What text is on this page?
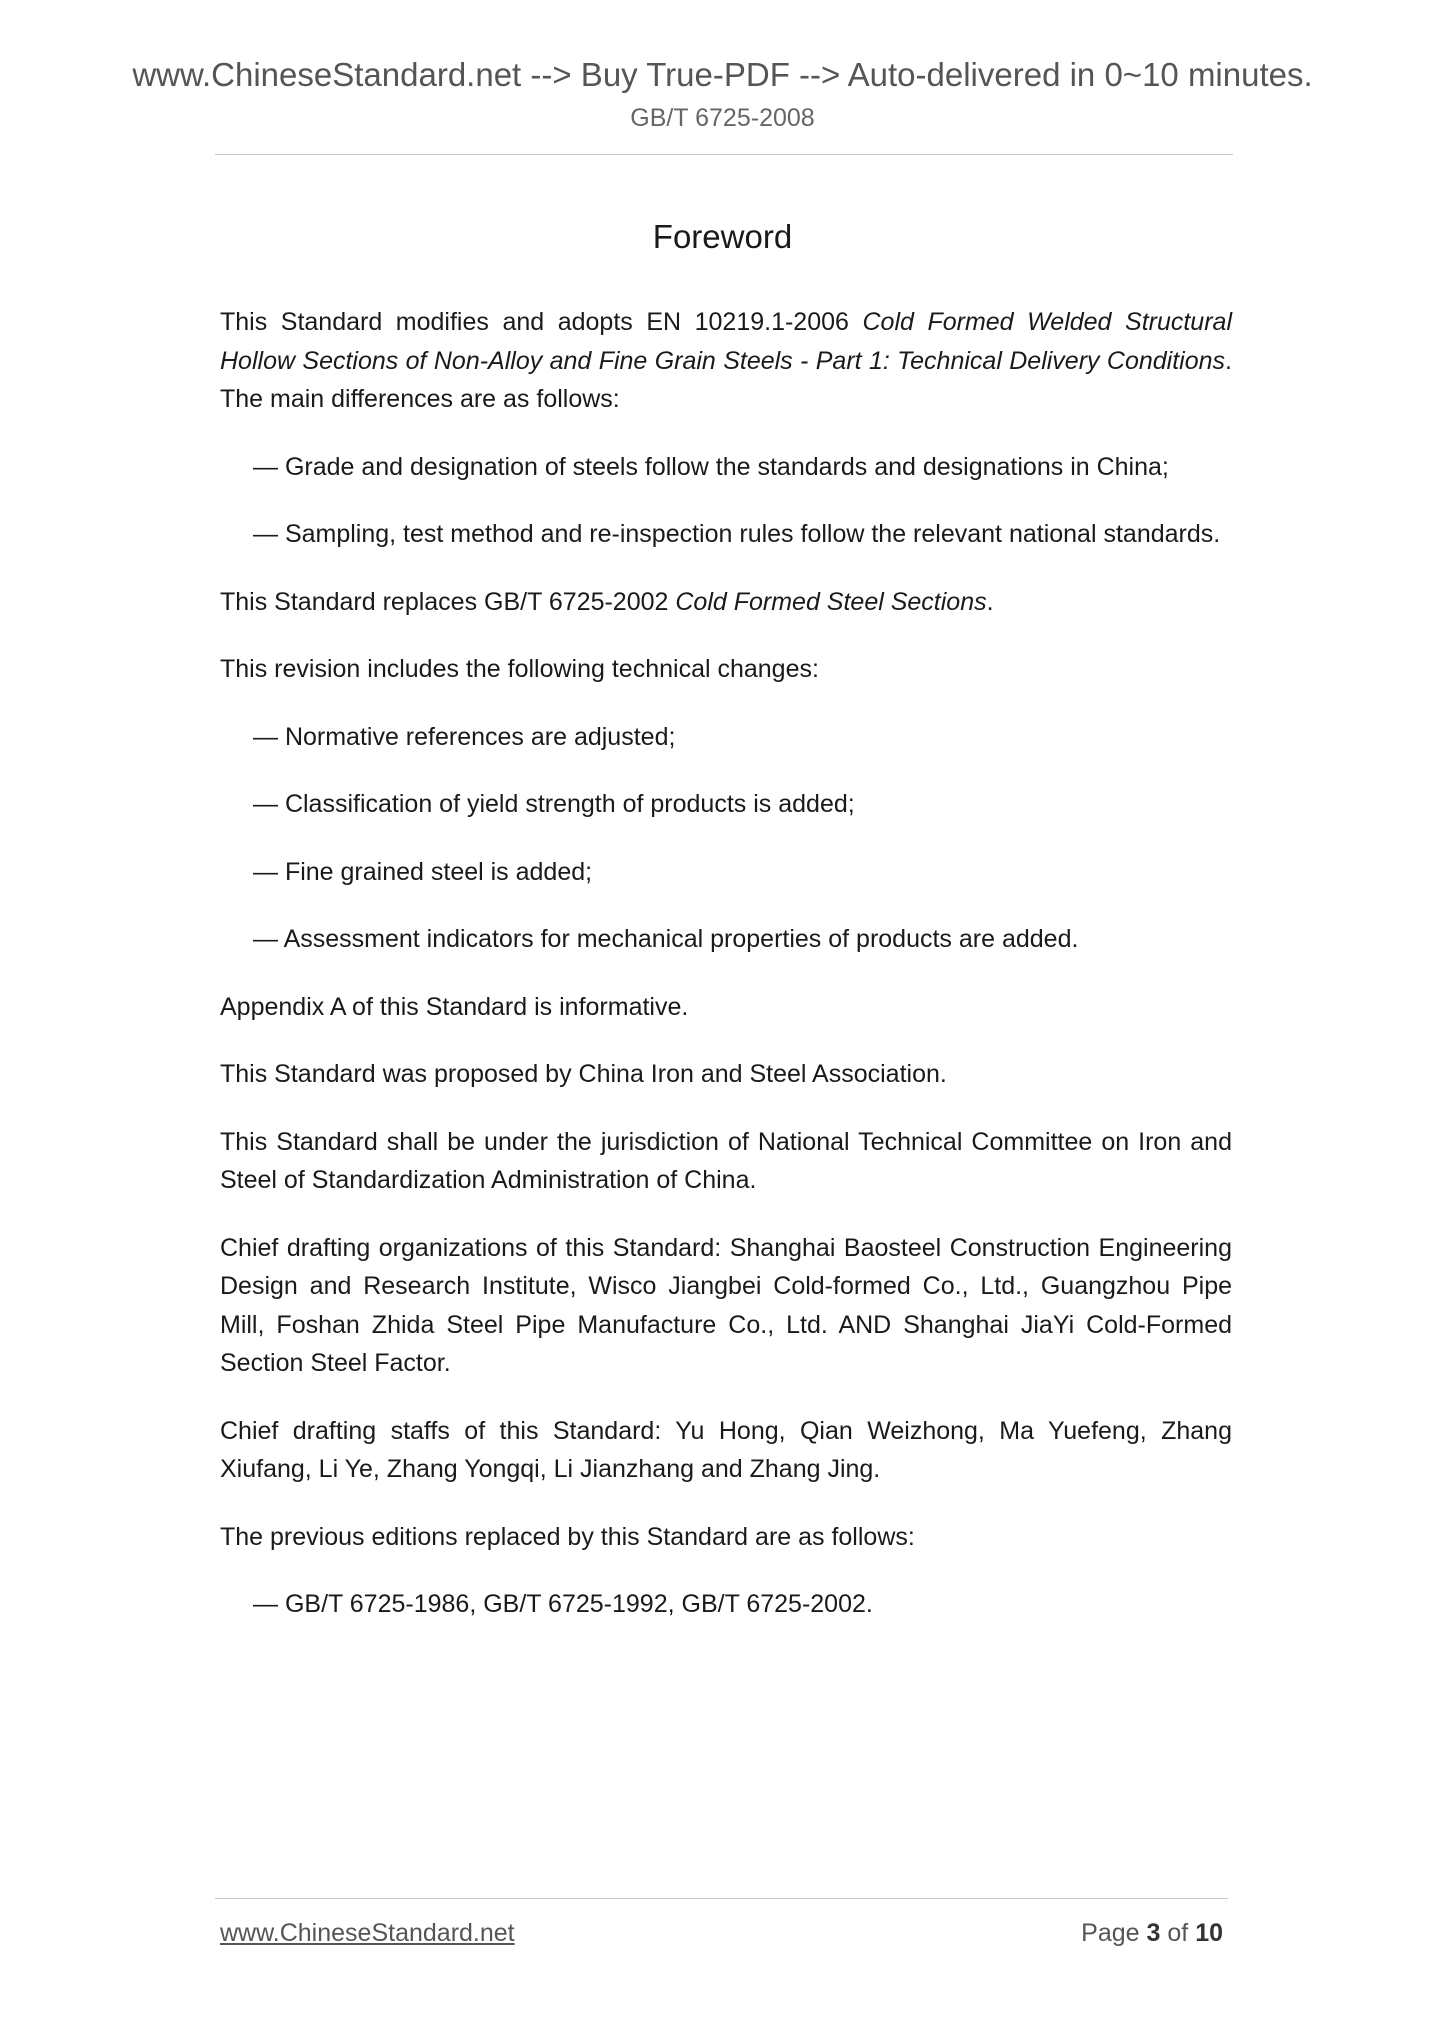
www.ChineseStandard.net --> Buy True-PDF --> Auto-delivered in 0~10 minutes.
GB/T 6725-2008
Foreword

This Standard modifies and adopts EN 10219.1-2006 Cold Formed Welded Structural Hollow Sections of Non-Alloy and Fine Grain Steels - Part 1: Technical Delivery Conditions. The main differences are as follows:

— Grade and designation of steels follow the standards and designations in China;

— Sampling, test method and re-inspection rules follow the relevant national standards.

This Standard replaces GB/T 6725-2002 Cold Formed Steel Sections.

This revision includes the following technical changes:

— Normative references are adjusted;

— Classification of yield strength of products is added;

— Fine grained steel is added;

— Assessment indicators for mechanical properties of products are added.

Appendix A of this Standard is informative.

This Standard was proposed by China Iron and Steel Association.

This Standard shall be under the jurisdiction of National Technical Committee on Iron and Steel of Standardization Administration of China.

Chief drafting organizations of this Standard: Shanghai Baosteel Construction Engineering Design and Research Institute, Wisco Jiangbei Cold-formed Co., Ltd., Guangzhou Pipe Mill, Foshan Zhida Steel Pipe Manufacture Co., Ltd. AND Shanghai JiaYi Cold-Formed Section Steel Factor.

Chief drafting staffs of this Standard: Yu Hong, Qian Weizhong, Ma Yuefeng, Zhang Xiufang, Li Ye, Zhang Yongqi, Li Jianzhang and Zhang Jing.

The previous editions replaced by this Standard are as follows:

— GB/T 6725-1986, GB/T 6725-1992, GB/T 6725-2002.

www.ChineseStandard.net	Page 3 of 10
